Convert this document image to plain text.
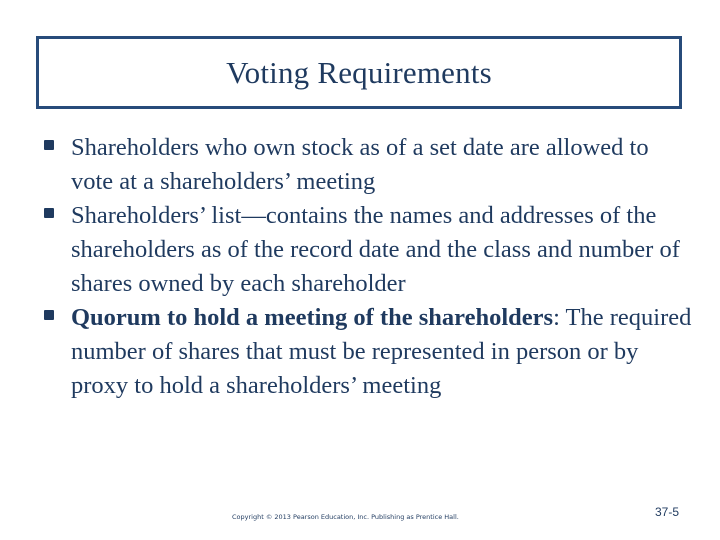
Voting Requirements
Shareholders who own stock as of a set date are allowed to vote at a shareholders’ meeting
Shareholders’ list—contains the names and addresses of the shareholders as of the record date and the class and number of shares owned by each shareholder
Quorum to hold a meeting of the shareholders: The required number of shares that must be represented in person or by proxy to hold a shareholders’ meeting
Copyright © 2013 Pearson Education, Inc. Publishing as Prentice Hall.	37-5
